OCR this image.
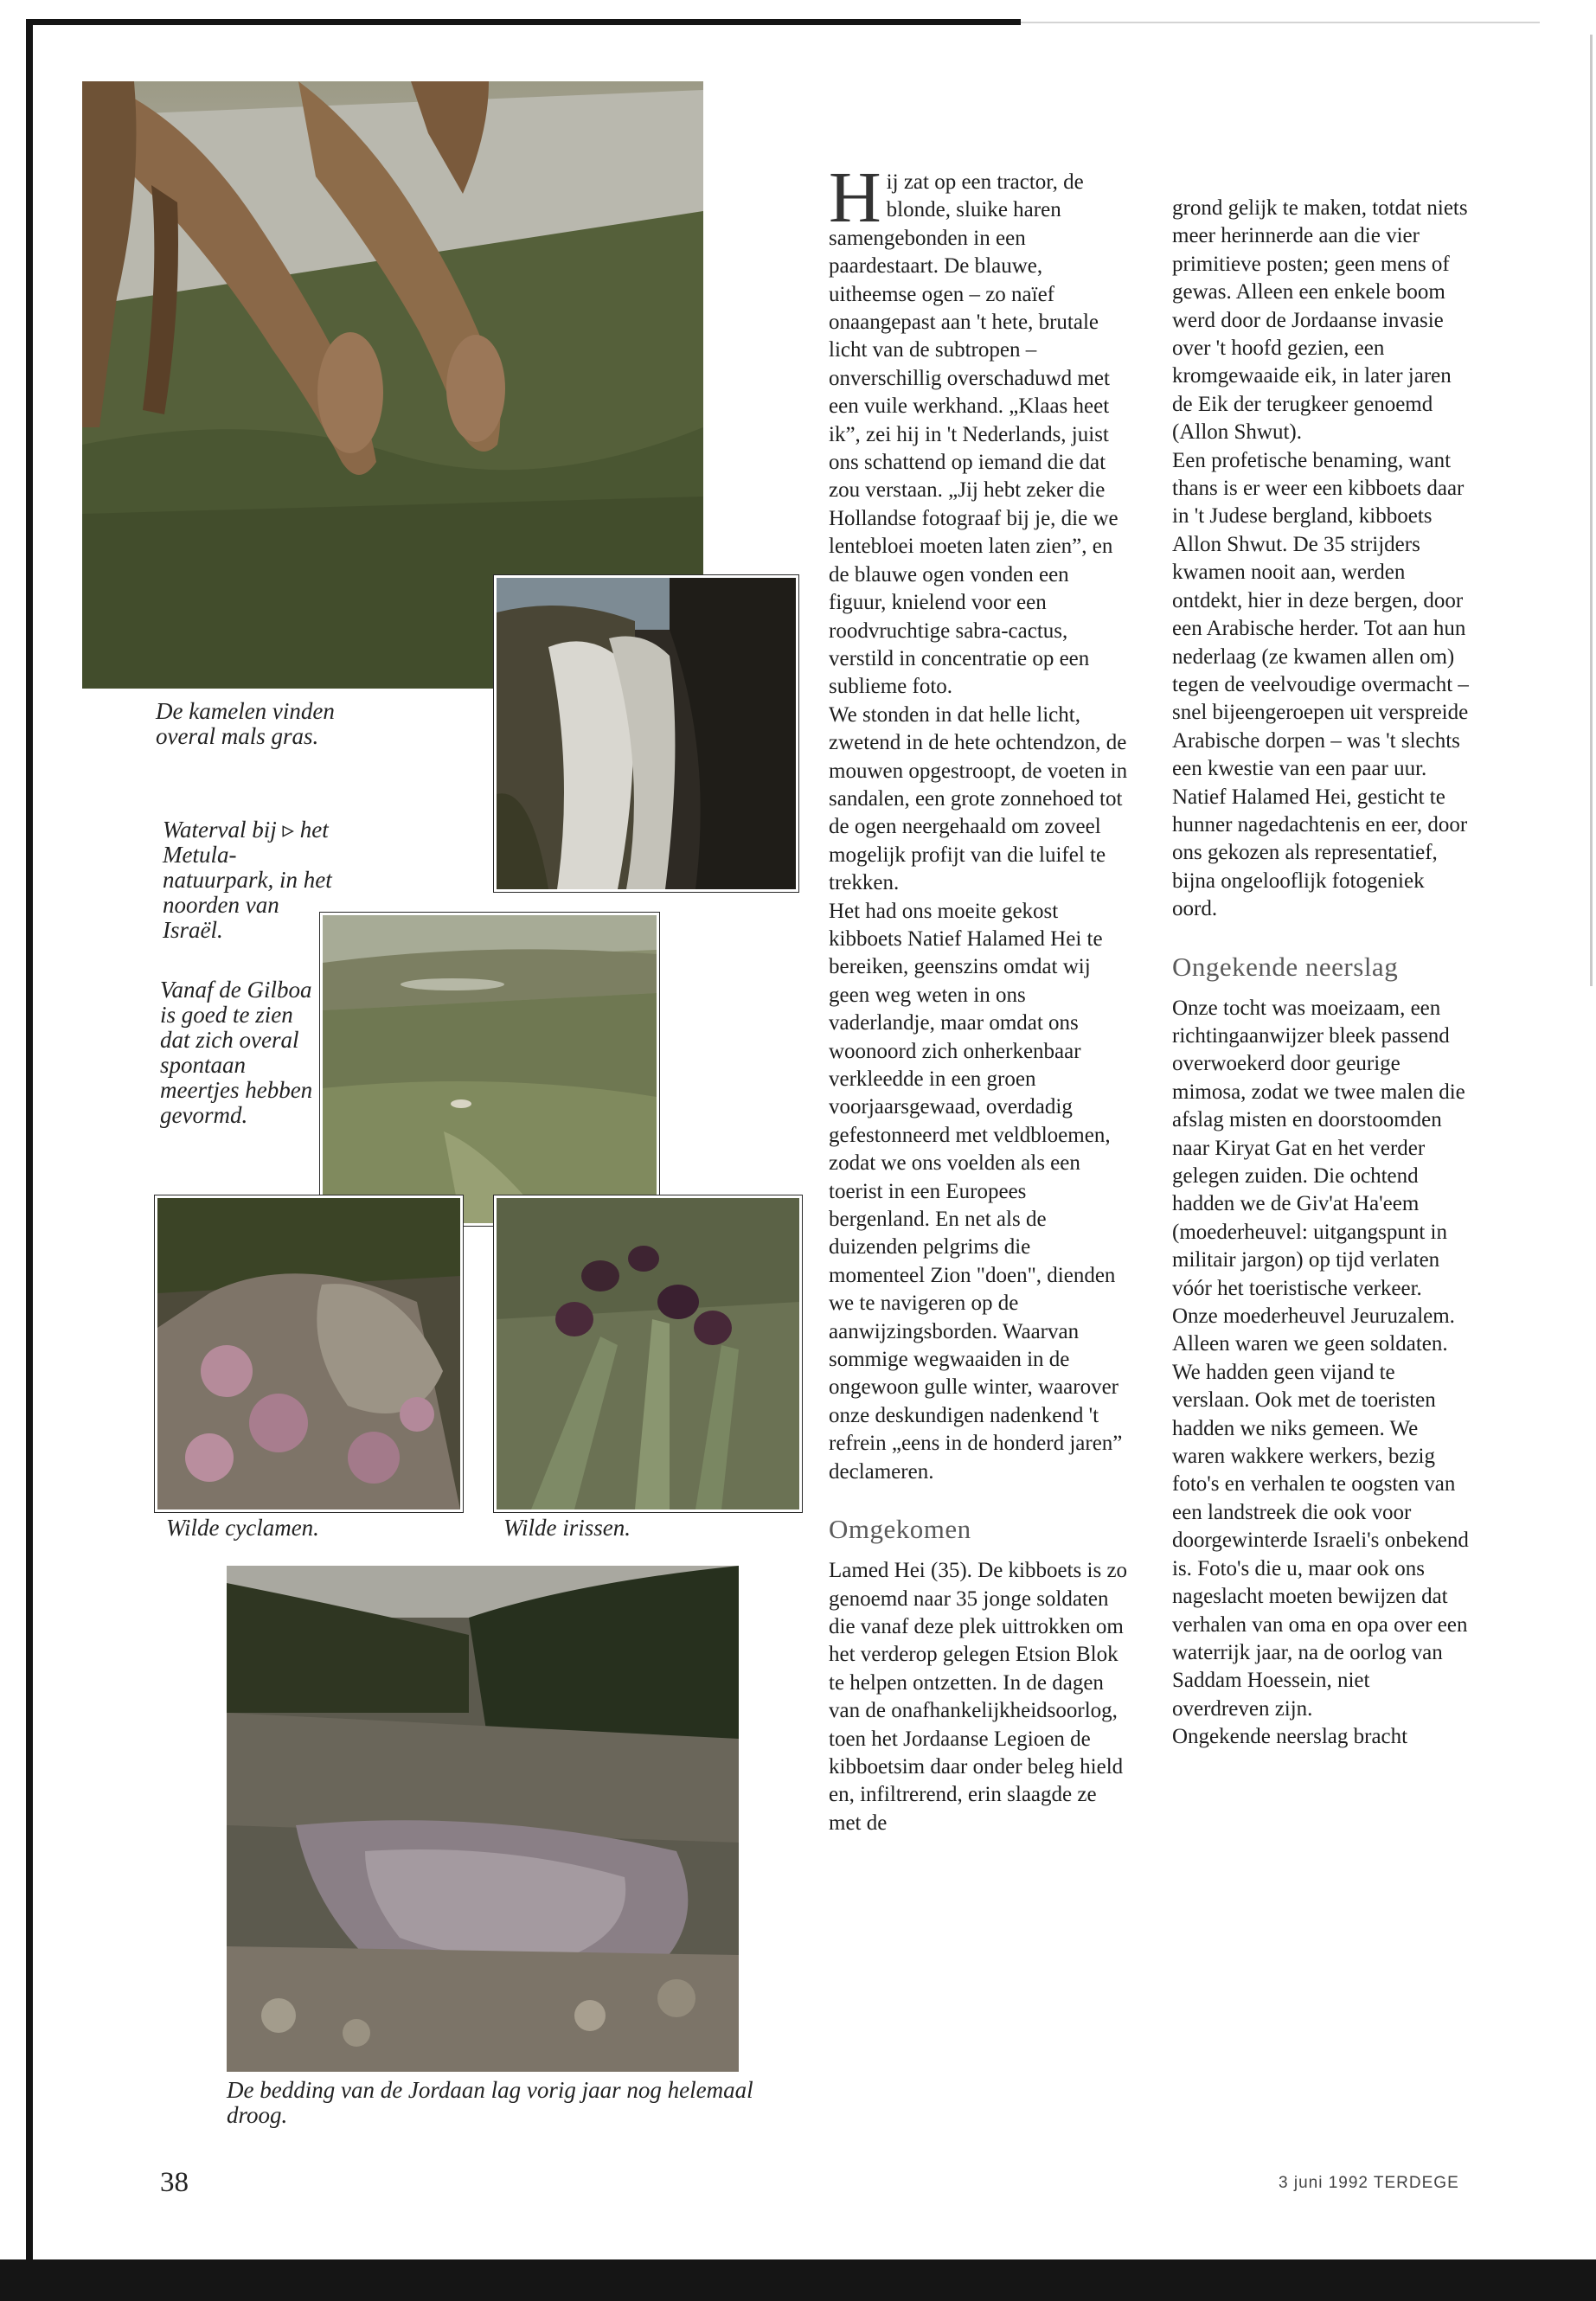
De kamelen vinden overal mals gras.

Waterval bij ▹ het Metula-natuurpark, in het noorden van Israël.

Vanaf de Gilboa is goed te zien dat zich overal spontaan meertjes hebben gevormd.

Wilde cyclamen.	Wilde irissen.

De bedding van de Jordaan lag vorig jaar nog helemaal droog.

H ij zat op een tractor, de blonde, sluike haren samengebonden in een paardestaart. De blauwe, uitheemse ogen – zo naïef onaangepast aan 't hete, brutale licht van de subtropen – onverschillig overschaduwd met een vuile werkhand. „Klaas heet ik”, zei hij in 't Nederlands, juist ons schattend op iemand die dat zou verstaan. „Jij hebt zeker die Hollandse fotograaf bij je, die we lentebloei moeten laten zien”, en de blauwe ogen vonden een figuur, knielend voor een roodvruchtige sabra-cactus, verstild in concentratie op een sublieme foto.

We stonden in dat helle licht, zwetend in de hete ochtendzon, de mouwen opgestroopt, de voeten in sandalen, een grote zonnehoed tot de ogen neergehaald om zoveel mogelijk profijt van die luifel te trekken.

Het had ons moeite gekost kibboets Natief Halamed Hei te bereiken, geenszins omdat wij geen weg weten in ons vaderlandje, maar omdat ons woonoord zich onherkenbaar verkleedde in een groen voorjaarsgewaad, overdadig gefestonneerd met veldbloemen, zodat we ons voelden als een toerist in een Europees bergenland. En net als de duizenden pelgrims die momenteel Zion "doen", dienden we te navigeren op de aanwijzingsborden. Waarvan sommige wegwaaiden in de ongewoon gulle winter, waarover onze deskundigen nadenkend 't refrein „eens in de honderd jaren” declameren.

Omgekomen

Lamed Hei (35). De kibboets is zo genoemd naar 35 jonge soldaten die vanaf deze plek uittrokken om het verderop gelegen Etsion Blok te helpen ontzetten. In de dagen van de onafhankelijkheidsoorlog, toen het Jordaanse Legioen de kibboetsim daar onder beleg hield en, infiltrerend, erin slaagde ze met de

grond gelijk te maken, totdat niets meer herinnerde aan die vier primitieve posten; geen mens of gewas. Alleen een enkele boom werd door de Jordaanse invasie over 't hoofd gezien, een kromgewaaide eik, in later jaren de Eik der terugkeer genoemd (Allon Shwut).

Een profetische benaming, want thans is er weer een kibboets daar in 't Judese bergland, kibboets Allon Shwut. De 35 strijders kwamen nooit aan, werden ontdekt, hier in deze bergen, door een Arabische herder. Tot aan hun nederlaag (ze kwamen allen om) tegen de veelvoudige overmacht – snel bijeengeroepen uit verspreide Arabische dorpen – was 't slechts een kwestie van een paar uur.

Natief Halamed Hei, gesticht te hunner nagedachtenis en eer, door ons gekozen als representatief, bijna ongelooflijk fotogeniek oord.

Ongekende neerslag

Onze tocht was moeizaam, een richtingaanwijzer bleek passend overwoekerd door geurige mimosa, zodat we twee malen die afslag misten en doorstoomden naar Kiryat Gat en het verder gelegen zuiden. Die ochtend hadden we de Giv'at Ha'eem (moederheuvel: uitgangspunt in militair jargon) op tijd verlaten vóór het toeristische verkeer. Onze moederheuvel Jeuruzalem. Alleen waren we geen soldaten. We hadden geen vijand te verslaan. Ook met de toeristen hadden we niks gemeen. We waren wakkere werkers, bezig foto's en verhalen te oogsten van een landstreek die ook voor doorgewinterde Israeli's onbekend is. Foto's die u, maar ook ons nageslacht moeten bewijzen dat verhalen van oma en opa over een waterrijk jaar, na de oorlog van Saddam Hoessein, niet overdreven zijn.

Ongekende neerslag bracht

38	3 juni 1992 TERDEGE
